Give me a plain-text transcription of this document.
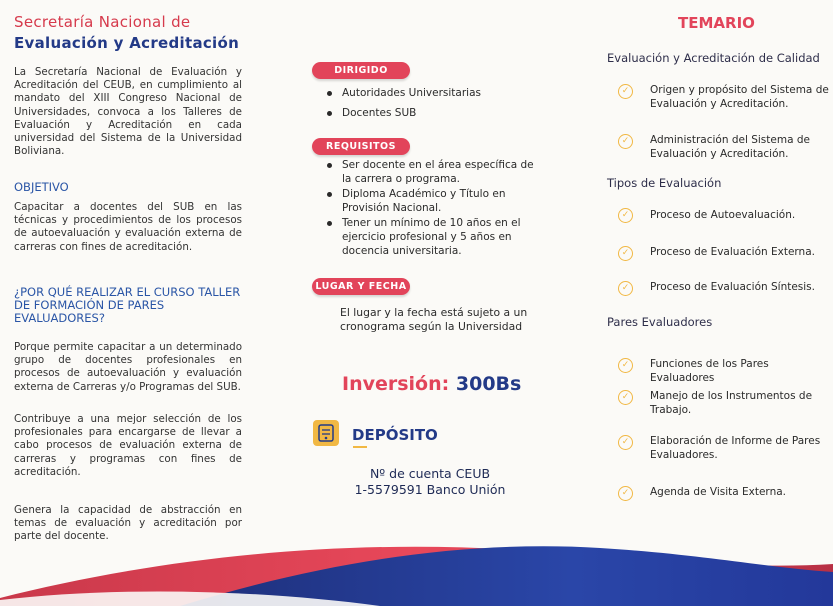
Secretaría Nacional de
Evaluación y Acreditación

La Secretaría Nacional de Evaluación y Acreditación del CEUB, en cumplimiento al mandato del XIII Congreso Nacional de Universidades, convoca a los Talleres de Evaluación y Acreditación en cada universidad del Sistema de la Universidad Boliviana.

OBJETIVO

Capacitar a docentes del SUB en las técnicas y procedimientos de los procesos de autoevaluación y evaluación externa de carreras con fines de acreditación.

¿POR QUÉ REALIZAR EL CURSO TALLER DE FORMACIÓN DE PARES EVALUADORES?

Porque permite capacitar a un determinado grupo de docentes profesionales en procesos de autoevaluación y evaluación externa de Carreras y/o Programas del SUB.

Contribuye a una mejor selección de los profesionales para encargarse de llevar a cabo procesos de evaluación externa de carreras y programas con fines de acreditación.

Genera la capacidad de abstracción en temas de evaluación y acreditación por parte del docente.

DIRIGIDO
Autoridades Universitarias
Docentes SUB
REQUISITOS
Ser docente en el área específica de la carrera o programa.
Diploma Académico y Título en Provisión Nacional.
Tener un mínimo de 10 años en el ejercicio profesional y 5 años en docencia universitaria.
LUGAR Y FECHA
El lugar y la fecha está sujeto a un cronograma según la Universidad
Inversión: 300Bs
DEPÓSITO
Nº de cuenta CEUB
1-5579591 Banco Unión
TEMARIO
Evaluación y Acreditación de Calidad
✓	Origen y propósito del Sistema de Evaluación y Acreditación.
✓	Administración del Sistema de Evaluación y Acreditación.
Tipos de Evaluación
✓	Proceso de Autoevaluación.
✓	Proceso de Evaluación Externa.
✓	Proceso de Evaluación Síntesis.
Pares Evaluadores
✓	Funciones de los Pares Evaluadores
✓	Manejo de los Instrumentos de Trabajo.
✓	Elaboración de Informe de Pares Evaluadores.
✓	Agenda de Visita Externa.
